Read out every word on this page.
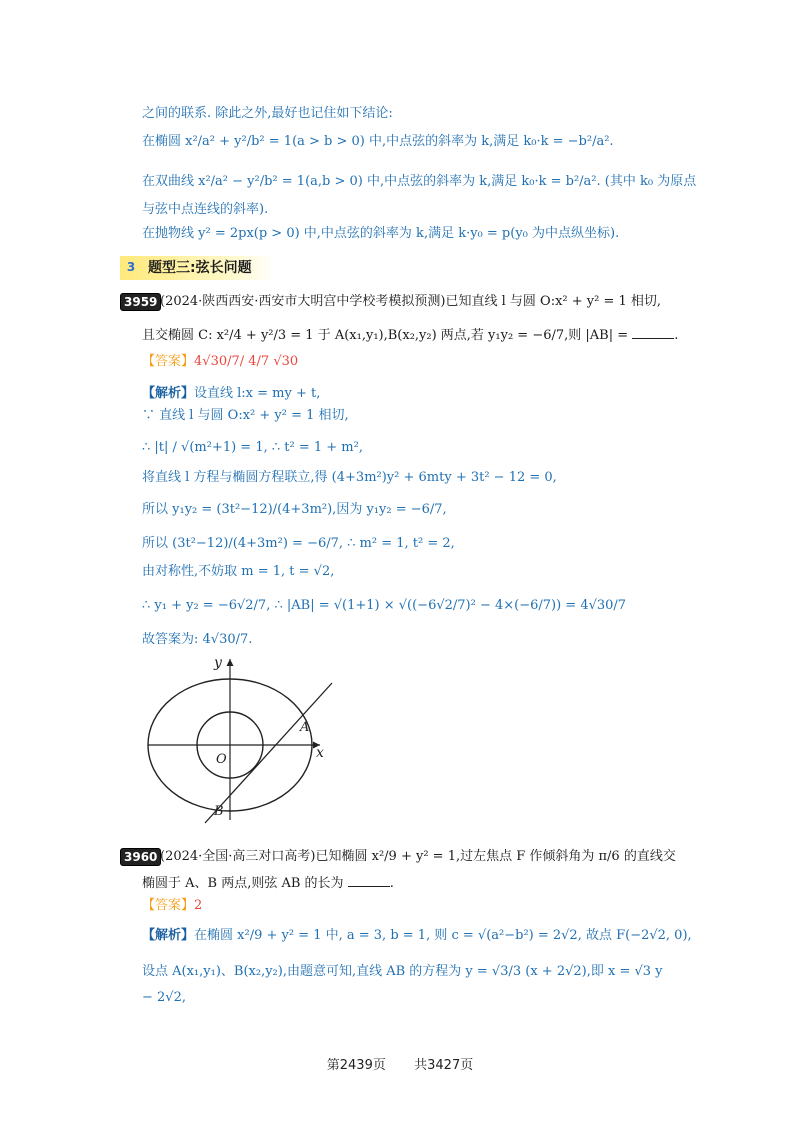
之间的联系. 除此之外,最好也记住如下结论:
在椭圆 x²/a² + y²/b² = 1(a > b > 0) 中,中点弦的斜率为 k,满足 k₀·k = −b²/a².
在双曲线 x²/a² − y²/b² = 1(a,b > 0) 中,中点弦的斜率为 k,满足 k₀·k = b²/a². (其中 k₀ 为原点
与弦中点连线的斜率).
在抛物线 y² = 2px(p > 0) 中,中点弦的斜率为 k,满足 k·y₀ = p(y₀ 为中点纵坐标).
3 题型三:弦长问题
3959 (2024·陕西西安·西安市大明宫中学校考模拟预测)已知直线 l 与圆 O:x² + y² = 1 相切,
且交椭圆 C: x²/4 + y²/3 = 1 于 A(x₁,y₁),B(x₂,y₂) 两点,若 y₁y₂ = −6/7,则 |AB| =	.
【答案】4√30/7/ 4/7 √30
【解析】设直线 l:x = my + t,
∵ 直线 l 与圆 O:x² + y² = 1 相切,
∴ |t| / √(m²+1) = 1, ∴ t² = 1 + m²,
将直线 l 方程与椭圆方程联立,得 (4+3m²)y² + 6mty + 3t² − 12 = 0,
所以 y₁y₂ = (3t²−12)/(4+3m²),因为 y₁y₂ = −6/7,
所以 (3t²−12)/(4+3m²) = −6/7, ∴ m² = 1, t² = 2,
由对称性,不妨取 m = 1, t = √2,
∴ y₁ + y₂ = −6√2/7, ∴ |AB| = √(1+1) × √((−6√2/7)² − 4×(−6/7)) = 4√30/7
故答案为: 4√30/7.
y
x
O
A
B
3960 (2024·全国·高三对口高考)已知椭圆 x²/9 + y² = 1,过左焦点 F 作倾斜角为 π/6 的直线交
椭圆于 A、B 两点,则弦 AB 的长为	.
【答案】2
【解析】在椭圆 x²/9 + y² = 1 中, a = 3, b = 1, 则 c = √(a²−b²) = 2√2, 故点 F(−2√2, 0),
设点 A(x₁,y₁)、B(x₂,y₂),由题意可知,直线 AB 的方程为 y = √3/3 (x + 2√2),即 x = √3 y
− 2√2,
第2439页 共3427页
